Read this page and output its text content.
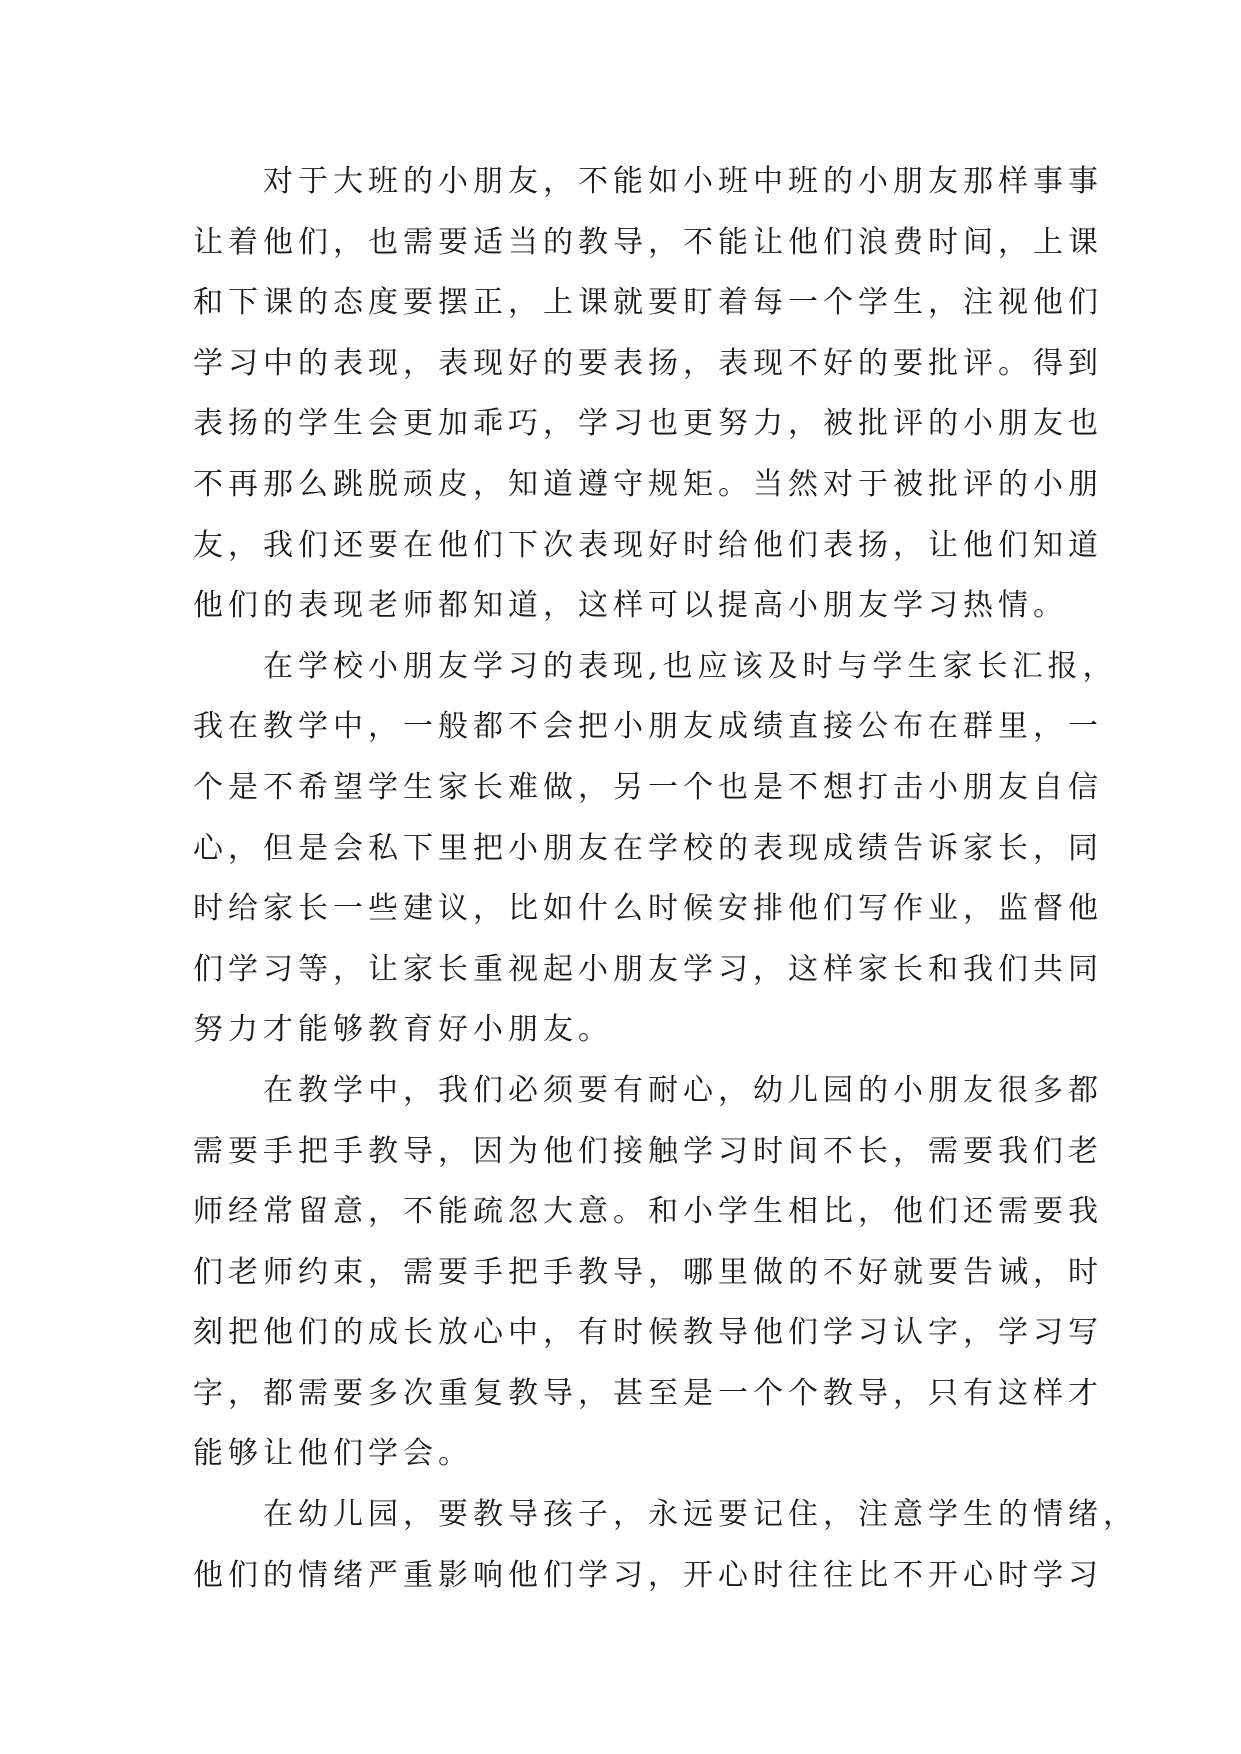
　　对于大班的小朋友，不能如小班中班的小朋友那样事事
让着他们，也需要适当的教导，不能让他们浪费时间，上课
和下课的态度要摆正，上课就要盯着每一个学生，注视他们
学习中的表现，表现好的要表扬，表现不好的要批评。得到
表扬的学生会更加乖巧，学习也更努力，被批评的小朋友也
不再那么跳脱顽皮，知道遵守规矩。当然对于被批评的小朋
友，我们还要在他们下次表现好时给他们表扬，让他们知道
他们的表现老师都知道，这样可以提高小朋友学习热情。
　　在学校小朋友学习的表现,也应该及时与学生家长汇报，
我在教学中，一般都不会把小朋友成绩直接公布在群里，一
个是不希望学生家长难做，另一个也是不想打击小朋友自信
心，但是会私下里把小朋友在学校的表现成绩告诉家长，同
时给家长一些建议，比如什么时候安排他们写作业，监督他
们学习等，让家长重视起小朋友学习，这样家长和我们共同
努力才能够教育好小朋友。
　　在教学中，我们必须要有耐心，幼儿园的小朋友很多都
需要手把手教导，因为他们接触学习时间不长，需要我们老
师经常留意，不能疏忽大意。和小学生相比，他们还需要我
们老师约束，需要手把手教导，哪里做的不好就要告诫，时
刻把他们的成长放心中，有时候教导他们学习认字，学习写
字，都需要多次重复教导，甚至是一个个教导，只有这样才
能够让他们学会。
　　在幼儿园，要教导孩子，永远要记住，注意学生的情绪，
他们的情绪严重影响他们学习，开心时往往比不开心时学习
